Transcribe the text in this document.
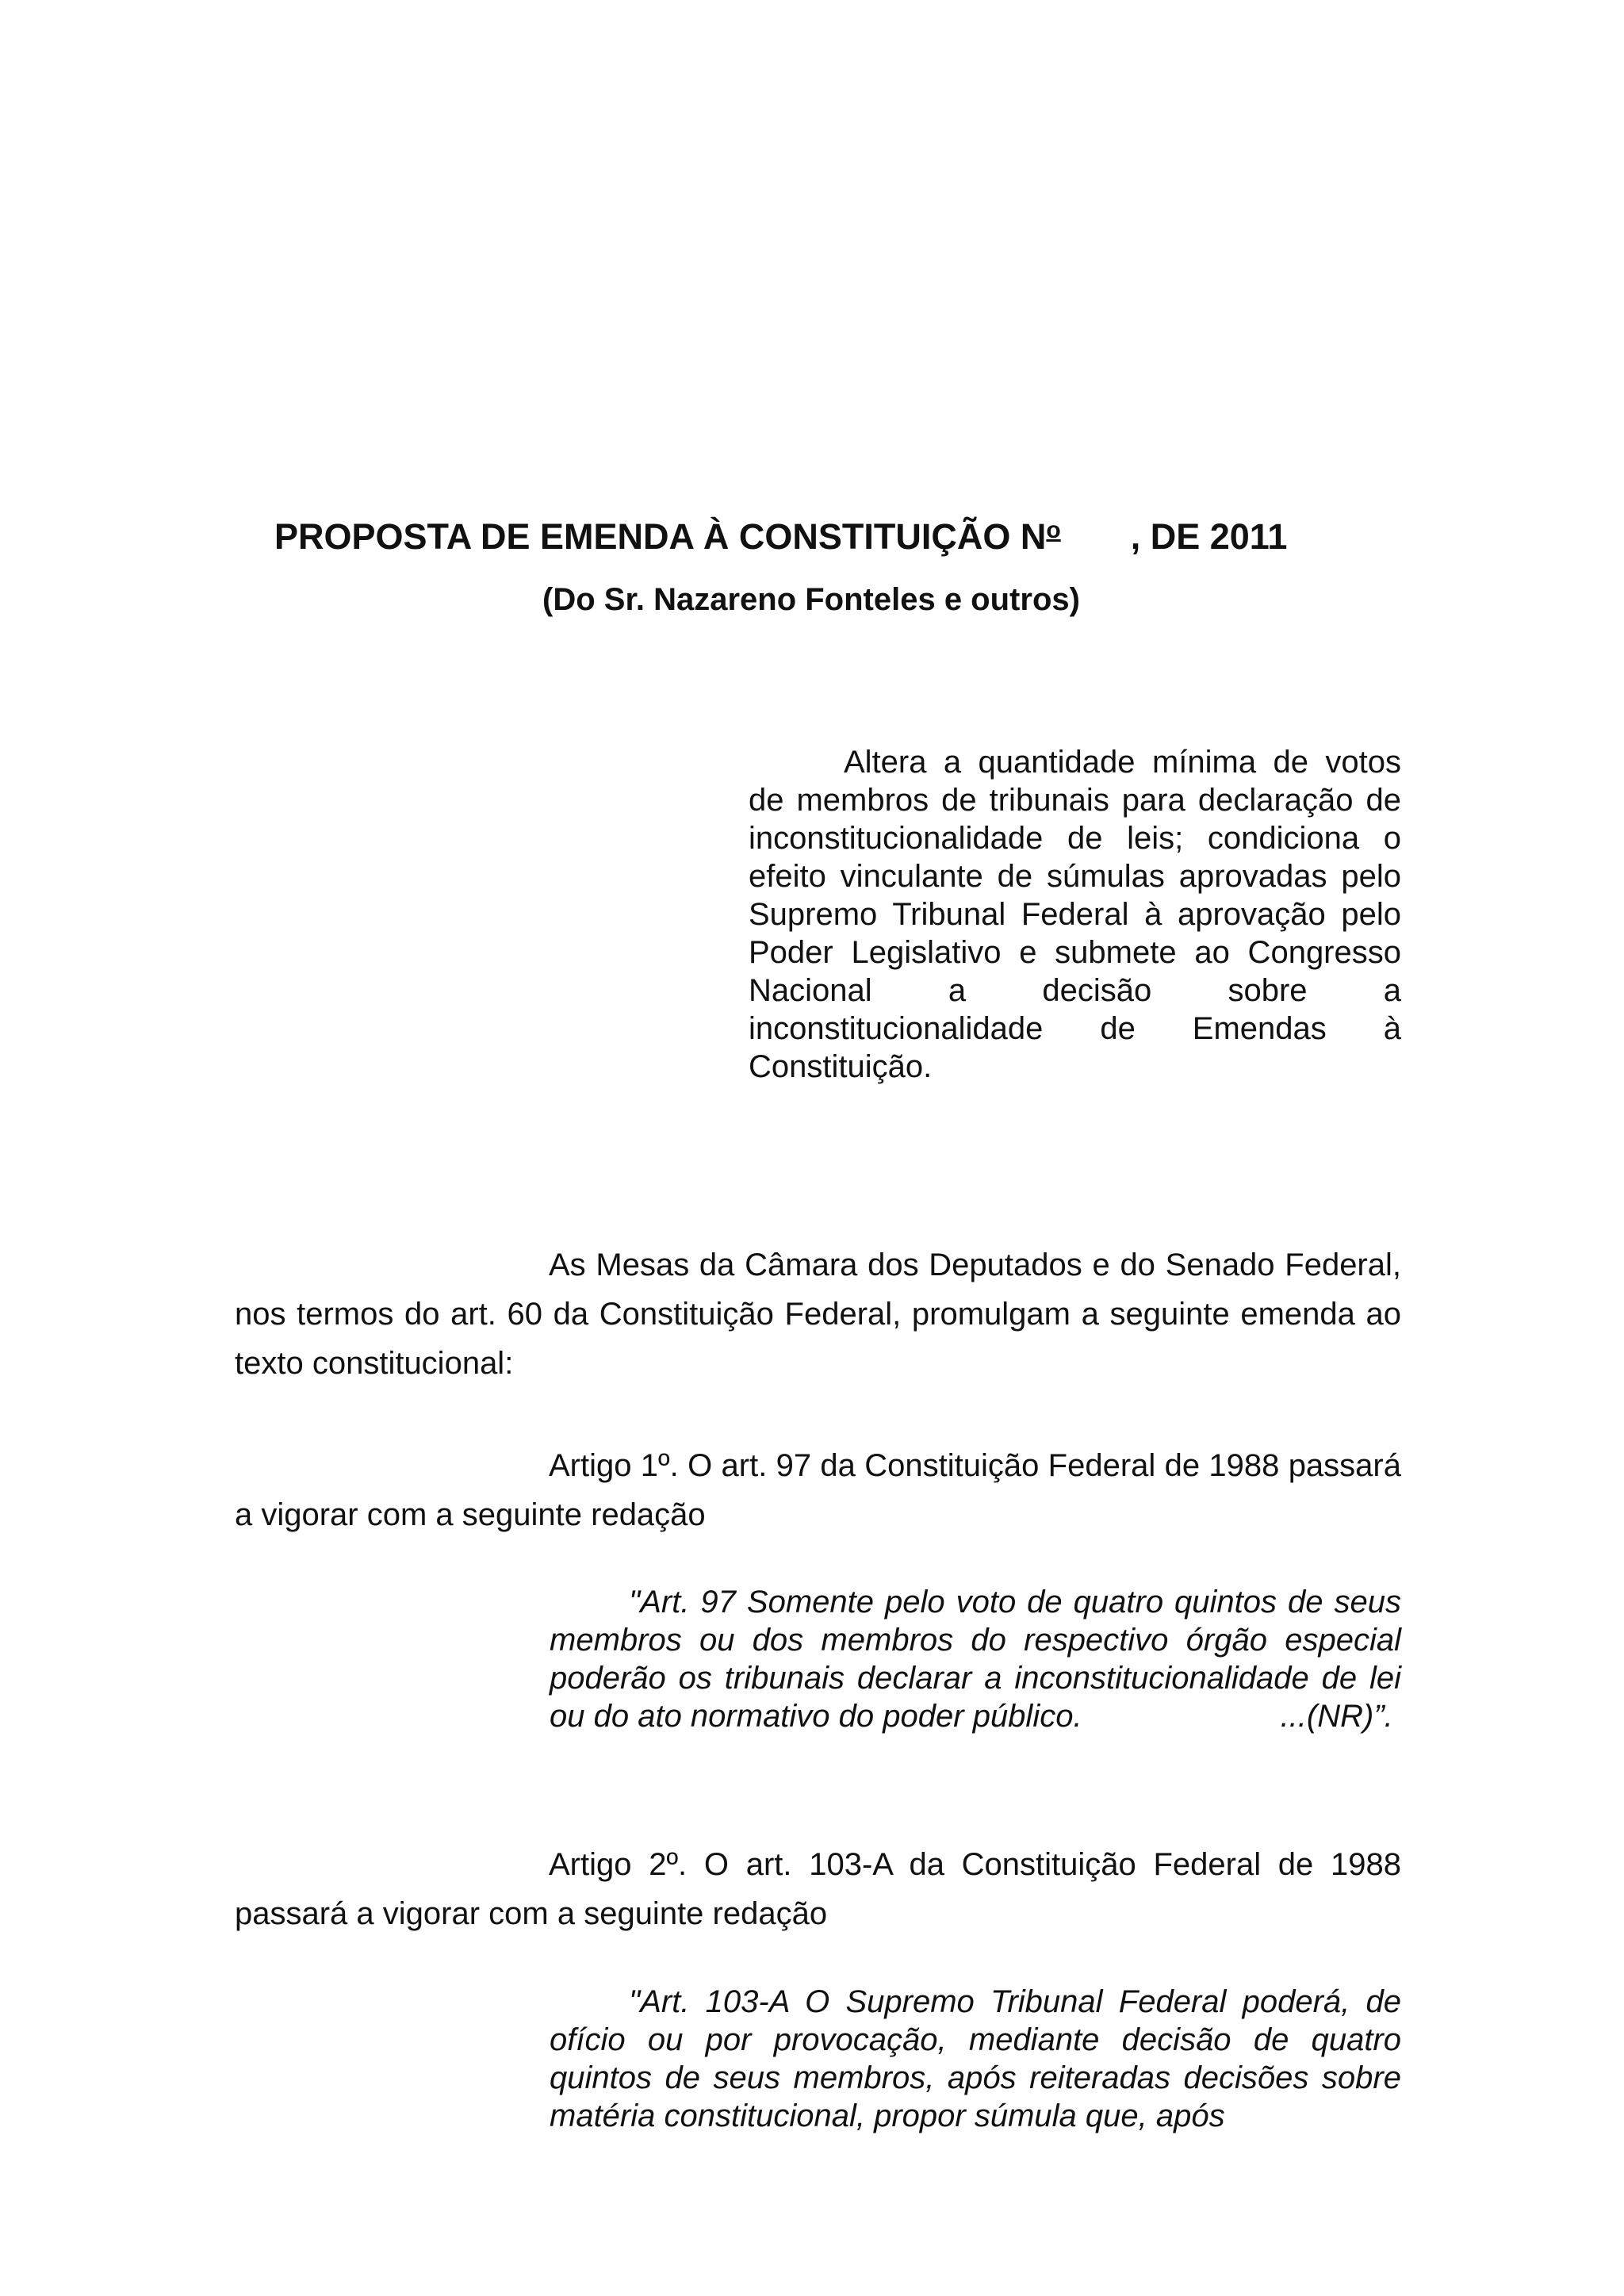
PROPOSTA DE EMENDA À CONSTITUIÇÃO $N^o$ , DE 2011
(Do Sr. Nazareno Fonteles e outros)
Altera a quantidade mínima de votos de membros de tribunais para declaração de inconstitucionalidade de leis; condiciona o efeito vinculante de súmulas aprovadas pelo Supremo Tribunal Federal à aprovação pelo Poder Legislativo e submete ao Congresso Nacional a decisão sobre a inconstitucionalidade de Emendas à Constituição.
As Mesas da Câmara dos Deputados e do Senado Federal, nos termos do art. 60 da Constituição Federal, promulgam a seguinte emenda ao texto constitucional:
Artigo 1º. O art. 97 da Constituição Federal de 1988 passará a vigorar com a seguinte redação
"Art. 97 Somente pelo voto de quatro quintos de seus membros ou dos membros do respectivo órgão especial poderão os tribunais declarar a inconstitucionalidade de lei ou do ato normativo do poder público.	...(NR)”.
Artigo 2º. O art. 103-A da Constituição Federal de 1988 passará a vigorar com a seguinte redação
"Art. 103-A O Supremo Tribunal Federal poderá, de ofício ou por provocação, mediante decisão de quatro quintos de seus membros, após reiteradas decisões sobre matéria constitucional, propor súmula que, após
